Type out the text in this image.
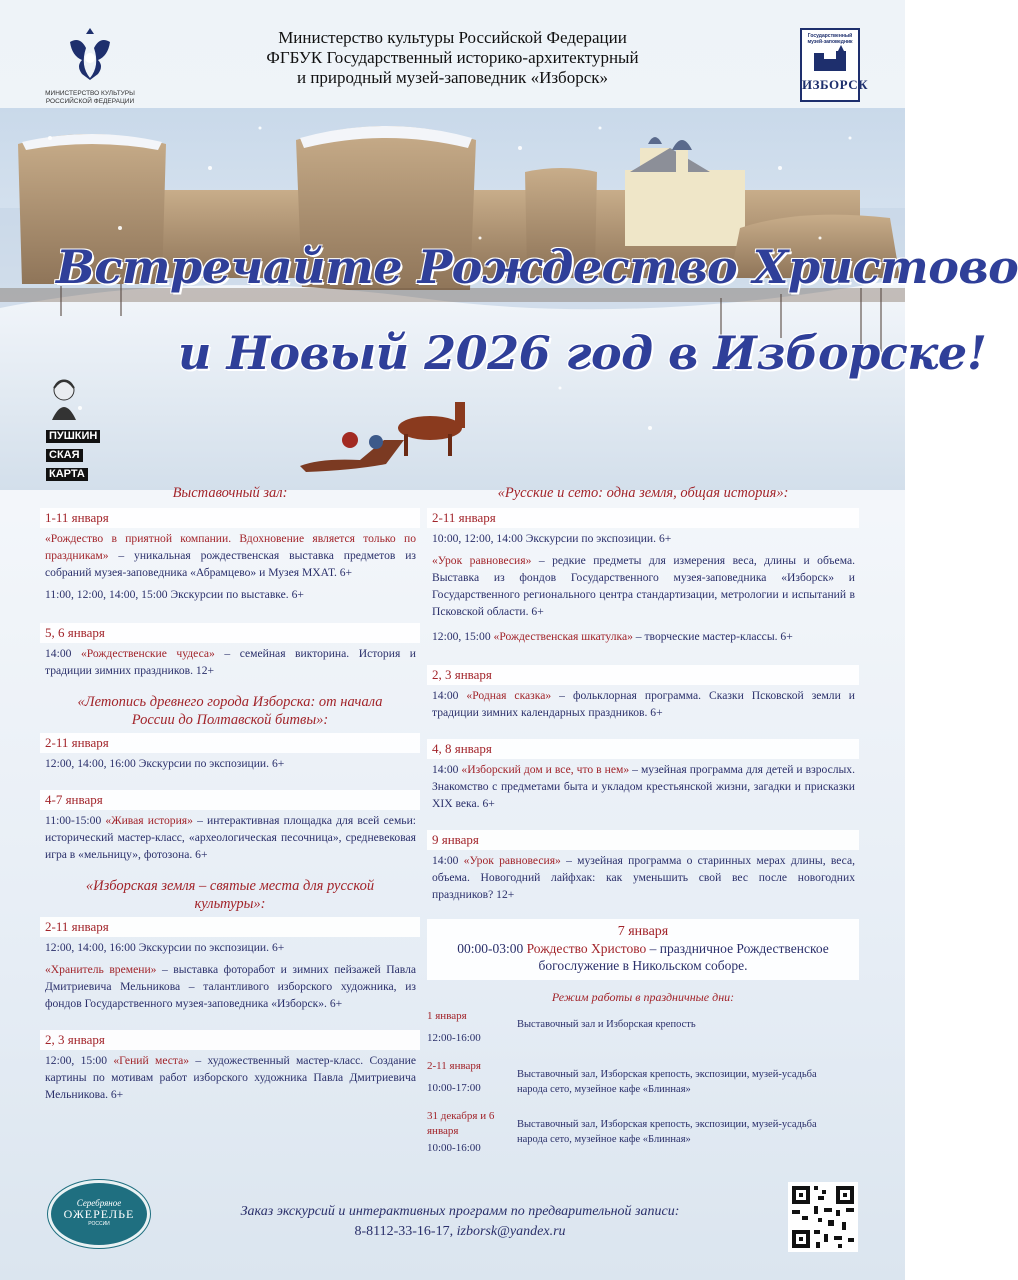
МИНИСТЕРСТВО КУЛЬТУРЫ
РОССИЙСКОЙ ФЕДЕРАЦИИ
Министерство культуры Российской Федерации
ФГБУК Государственный историко-архитектурный
и природный музей-заповедник «Изборск»
Государственный
музей-заповедник
ИЗБОРСК
Встречайте Рождество Христово
и Новый 2026 год в Изборске!
ПУШКИН
СКАЯ
КАРТА
Выставочный зал:
1-11 января
«Рождество в приятной компании. Вдохновение является только по праздникам» – уникальная рождественская выставка предметов из собраний музея-заповедника «Абрамцево» и Музея МХАТ. 6+
11:00, 12:00, 14:00, 15:00 Экскурсии по выставке. 6+
5, 6 января
14:00 «Рождественские чудеса» – семейная викторина. История и традиции зимних праздников. 12+
«Летопись древнего города Изборска: от начала России до Полтавской битвы»:
2-11 января
12:00, 14:00, 16:00 Экскурсии по экспозиции. 6+
4-7 января
11:00-15:00 «Живая история» – интерактивная площадка для всей семьи: исторический мастер-класс, «археологическая песочница», средневековая игра в «мельницу», фотозона. 6+
«Изборская земля – святые места для русской культуры»:
2-11 января
12:00, 14:00, 16:00 Экскурсии по экспозиции. 6+
«Хранитель времени» – выставка фоторабот и зимних пейзажей Павла Дмитриевича Мельникова – талантливого изборского художника, из фондов Государственного музея-заповедника «Изборск». 6+
2, 3 января
12:00, 15:00 «Гений места» – художественный мастер-класс. Создание картины по мотивам работ изборского художника Павла Дмитриевича Мельникова. 6+
«Русские и сето: одна земля, общая история»:
2-11 января
10:00, 12:00, 14:00 Экскурсии по экспозиции. 6+
«Урок равновесия» – редкие предметы для измерения веса, длины и объема. Выставка из фондов Государственного музея-заповедника «Изборск» и Государственного регионального центра стандартизации, метрологии и испытаний в Псковской области. 6+
12:00, 15:00 «Рождественская шкатулка» – творческие мастер-классы. 6+
2, 3 января
14:00 «Родная сказка» – фольклорная программа. Сказки Псковской земли и традиции зимних календарных праздников. 6+
4, 8 января
14:00 «Изборский дом и все, что в нем» – музейная программа для детей и взрослых. Знакомство с предметами быта и укладом крестьянской жизни, загадки и присказки XIX века. 6+
9 января
14:00 «Урок равновесия» – музейная программа о старинных мерах длины, веса, объема. Новогодний лайфхак: как уменьшить свой вес после новогодних праздников? 12+
7 января
00:00-03:00 Рождество Христово – праздничное Рождественское
богослужение в Никольском соборе.
Режим работы в праздничные дни:
1 января
12:00-16:00
Выставочный зал и Изборская крепость
2-11 января
10:00-17:00
Выставочный зал, Изборская крепость, экспозиции, музей-усадьба народа сето, музейное кафе «Блинная»
31 декабря и 6 января
10:00-16:00
Выставочный зал, Изборская крепость, экспозиции, музей-усадьба народа сето, музейное кафе «Блинная»
Серебряное
ОЖЕРЕЛЬЕ
РОССИИ
Заказ экскурсий и интерактивных программ по предварительной записи:
8-8112-33-16-17, izborsk@yandex.ru
